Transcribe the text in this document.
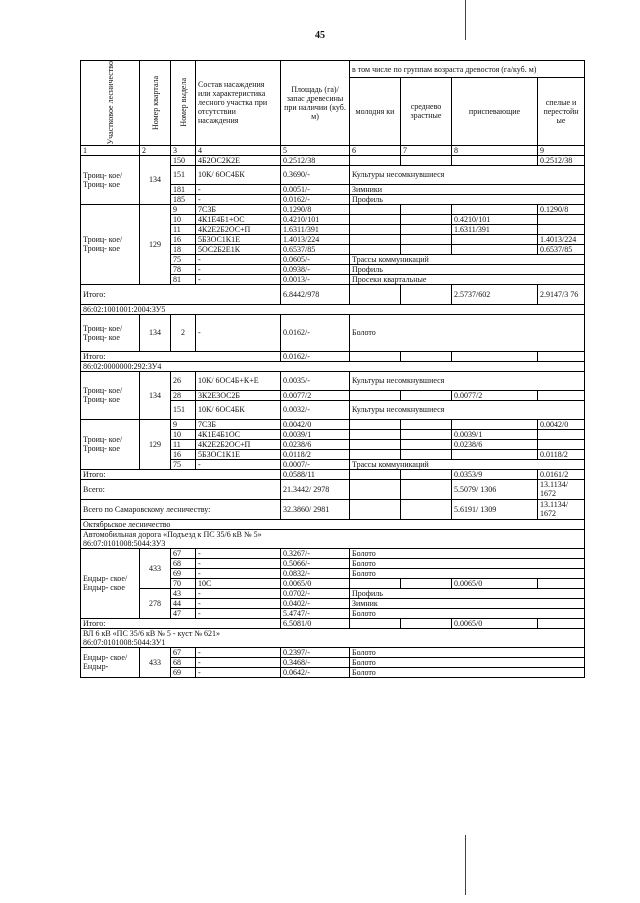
45
Участковое лесничество	Номер квартала	Номер выдела	Состав насаждения или характеристика лесного участка при отсутствии насаждения	Площадь (га)/запас древесины при наличии (куб. м)	в том числе по группам возраста древостоя (га/куб. м)			
					молодня ки	среднево зрастные	приспевающие	спелые и перестойн ые
1	2	3	4	5	6	7	8	9
Троиц- кое/ Троиц- кое	134	150	4Б2ОС2К2Е	0.2512/38				0.2512/38
		151	10К/ 6ОС4БК	0.3690/-	Культуры несомкнувшиеся			
		181	-	0.0051/-	Зимники			
		185	-	0.0162/-	Профиль			
Троиц- кое/ Троиц- кое	129	9	7С3Б	0.1290/8				0.1290/8
		10	4К1Е4Б1+ОС	0.4210/101			0.4210/101	
		11	4К2Е2Б2ОС+П	1.6311/391			1.6311/391	
		16	5Б3ОС1К1Е	1.4013/224				1.4013/224
		18	5ОС2Б2Е1К	0.6537/85				0.6537/85
		75	-	0.0605/-	Трассы коммуникаций			
		78	-	0.0938/-	Профиль			
		81	-	0.0013/-	Просеки квартальные			
Итого:				6.8442/978			2.5737/602	2.9147/3 76
86:02:1001001:2004:ЗУ5								
Троиц- кое/ Троиц- кое	134	2	-	0.0162/-	Болото			
Итого:				0.0162/-				
86:02:0000000:292:ЗУ4								
Троиц- кое/ Троиц- кое	134	26	10К/ 6ОС4Б+К+Е	0.0035/-	Культуры несомкнувшиеся			
		28	3К2Е3ОС2Б	0.0077/2			0.0077/2	
		151	10К/ 6ОС4БК	0.0032/-	Культуры несомкнувшиеся			
Троиц- кое/ Троиц- кое	129	9	7С3Б	0.0042/0				0.0042/0
		10	4К1Е4Б1ОС	0.0039/1			0.0039/1	
		11	4К2Е2Б2ОС+П	0.0238/6			0.0238/6	
		16	5Б3ОС1К1Е	0.0118/2				0.0118/2
		75	-	0.0007/-	Трассы коммуникаций			
Итого:				0.0588/11			0.0353/9	0.0161/2
Всего:				21.3442/ 2978			5.5079/ 1306	13.1134/ 1672
Всего по Самаровскому лесничеству:				32.3860/ 2981			5.6191/ 1309	13.1134/ 1672
Октябрьское лесничество								

Автомобильная дорога «Подъезд к ПС 35/6 кВ № 5»
86:07:0101008:5044:ЗУ3								

Ендыр- ское/ Ендыр- ское	433	67	-	0.3267/-	Болото			
		68	-	0.5066/-	Болото			
		69	-	0.0832/-	Болото			
		70	10С	0.0065/0			0.0065/0	
	278	43	-	0.0702/-	Профиль			
		44	-	0.0402/-	Зимник			
		47	-	5.4747/-	Болото			
Итого:				6.5081/0			0.0065/0	

ВЛ 6 кВ «ПС 35/6 кВ № 5 - куст № 621»
86:07:0101008:5044:ЗУ1								

Ендыр- ское/ Ендыр-	433	67	-	0.2397/-	Болото			
		68	-	0.3468/-	Болото			
		69	-	0.0642/-	Болото			
